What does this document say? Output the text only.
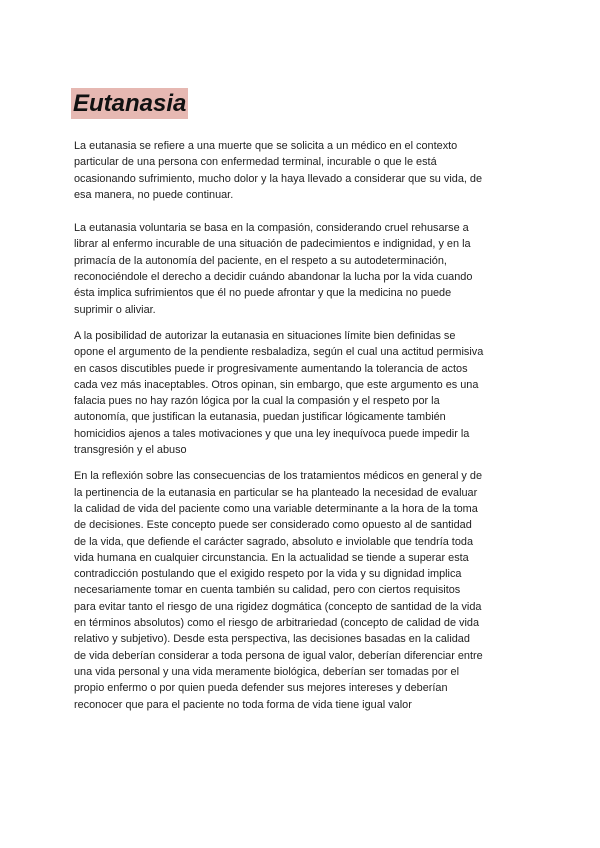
Eutanasia

La eutanasia se refiere a una muerte que se solicita a un médico en el contexto

particular de una persona con enfermedad terminal, incurable o que le está

ocasionando sufrimiento, mucho dolor y la haya llevado a considerar que su vida, de

esa manera, no puede continuar.

La eutanasia voluntaria se basa en la compasión, considerando cruel rehusarse a

librar al enfermo incurable de una situación de padecimientos e indignidad, y en la

primacía de la autonomía del paciente, en el respeto a su autodeterminación,

reconociéndole el derecho a decidir cuándo abandonar la lucha por la vida cuando

ésta implica sufrimientos que él no puede afrontar y que la medicina no puede

suprimir o aliviar.

A la posibilidad de autorizar la eutanasia en situaciones límite bien definidas se

opone el argumento de la pendiente resbaladiza, según el cual una actitud permisiva

en casos discutibles puede ir progresivamente aumentando la tolerancia de actos

cada vez más inaceptables. Otros opinan, sin embargo, que este argumento es una

falacia pues no hay razón lógica por la cual la compasión y el respeto por la

autonomía, que justifican la eutanasia, puedan justificar lógicamente también

homicidios ajenos a tales motivaciones y que una ley inequívoca puede impedir la

transgresión y el abuso

En la reflexión sobre las consecuencias de los tratamientos médicos en general y de

la pertinencia de la eutanasia en particular se ha planteado la necesidad de evaluar

la calidad de vida del paciente como una variable determinante a la hora de la toma

de decisiones. Este concepto puede ser considerado como opuesto al de santidad

de la vida, que defiende el carácter sagrado, absoluto e inviolable que tendría toda

vida humana en cualquier circunstancia. En la actualidad se tiende a superar esta

contradicción postulando que el exigido respeto por la vida y su dignidad implica

necesariamente tomar en cuenta también su calidad, pero con ciertos requisitos

para evitar tanto el riesgo de una rigidez dogmática (concepto de santidad de la vida

en términos absolutos) como el riesgo de arbitrariedad (concepto de calidad de vida

relativo y subjetivo). Desde esta perspectiva, las decisiones basadas en la calidad

de vida deberían considerar a toda persona de igual valor, deberían diferenciar entre

una vida personal y una vida meramente biológica, deberían ser tomadas por el

propio enfermo o por quien pueda defender sus mejores intereses y deberían

reconocer que para el paciente no toda forma de vida tiene igual valor
